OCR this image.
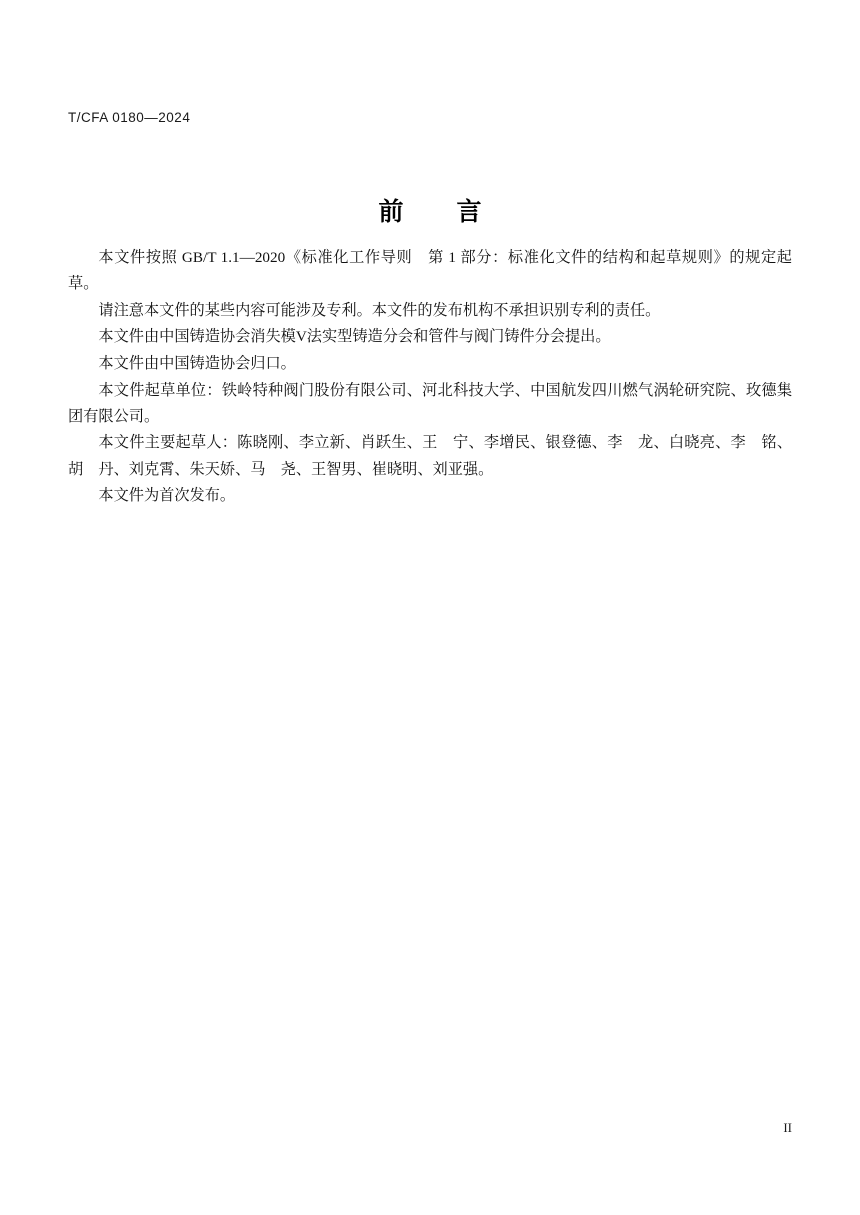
T/CFA 0180—2024
前　言

本文件按照 GB/T 1.1—2020《标准化工作导则　第 1 部分：标准化文件的结构和起草规则》的规定起草。

请注意本文件的某些内容可能涉及专利。本文件的发布机构不承担识别专利的责任。

本文件由中国铸造协会消失模V法实型铸造分会和管件与阀门铸件分会提出。

本文件由中国铸造协会归口。

本文件起草单位：铁岭特种阀门股份有限公司、河北科技大学、中国航发四川燃气涡轮研究院、玫德集团有限公司。

本文件主要起草人：陈晓刚、李立新、肖跃生、王　宁、李增民、银登德、李　龙、白晓亮、李　铭、胡　丹、刘克霄、朱天娇、马　尧、王智男、崔晓明、刘亚强。

本文件为首次发布。

II
